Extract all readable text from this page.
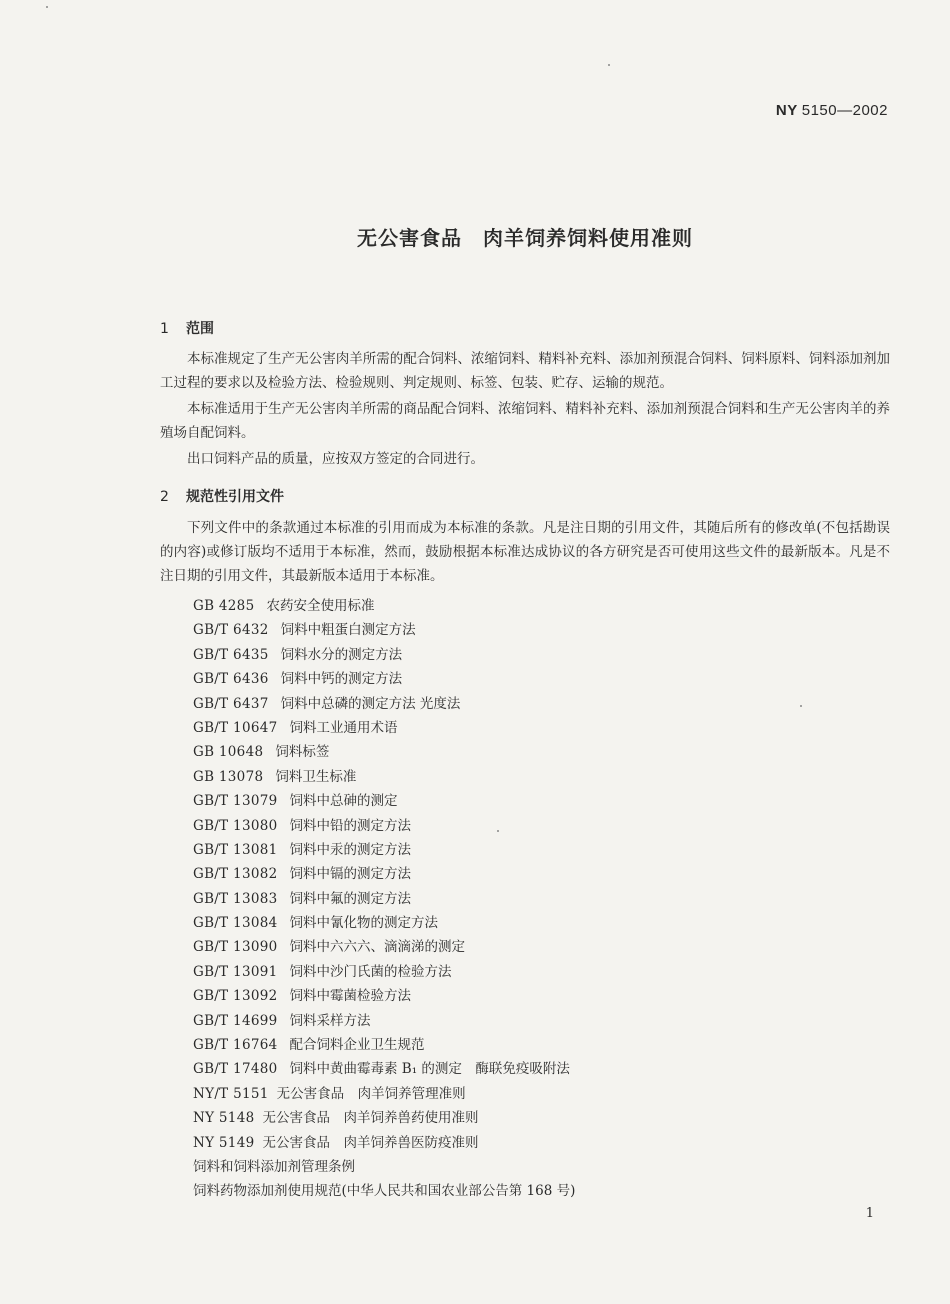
NY 5150—2002
无公害食品　肉羊饲养饲料使用准则
1 范围
本标准规定了生产无公害肉羊所需的配合饲料、浓缩饲料、精料补充料、添加剂预混合饲料、饲料原料、饲料添加剂加工过程的要求以及检验方法、检验规则、判定规则、标签、包装、贮存、运输的规范。
本标准适用于生产无公害肉羊所需的商品配合饲料、浓缩饲料、精料补充料、添加剂预混合饲料和生产无公害肉羊的养殖场自配饲料。
出口饲料产品的质量，应按双方签定的合同进行。
2 规范性引用文件
下列文件中的条款通过本标准的引用而成为本标准的条款。凡是注日期的引用文件，其随后所有的修改单(不包括勘误的内容)或修订版均不适用于本标准，然而，鼓励根据本标准达成协议的各方研究是否可使用这些文件的最新版本。凡是不注日期的引用文件，其最新版本适用于本标准。
GB 4285 农药安全使用标准
GB/T 6432 饲料中粗蛋白测定方法
GB/T 6435 饲料水分的测定方法
GB/T 6436 饲料中钙的测定方法
GB/T 6437 饲料中总磷的测定方法 光度法
GB/T 10647 饲料工业通用术语
GB 10648 饲料标签
GB 13078 饲料卫生标准
GB/T 13079 饲料中总砷的测定
GB/T 13080 饲料中铅的测定方法
GB/T 13081 饲料中汞的测定方法
GB/T 13082 饲料中镉的测定方法
GB/T 13083 饲料中氟的测定方法
GB/T 13084 饲料中氰化物的测定方法
GB/T 13090 饲料中六六六、滴滴涕的测定
GB/T 13091 饲料中沙门氏菌的检验方法
GB/T 13092 饲料中霉菌检验方法
GB/T 14699 饲料采样方法
GB/T 16764 配合饲料企业卫生规范
GB/T 17480 饲料中黄曲霉毒素 B₁ 的测定　酶联免疫吸附法
NY/T 5151 无公害食品　肉羊饲养管理准则
NY 5148 无公害食品　肉羊饲养兽药使用准则
NY 5149 无公害食品　肉羊饲养兽医防疫准则
饲料和饲料添加剂管理条例
饲料药物添加剂使用规范(中华人民共和国农业部公告第 168 号)
1
